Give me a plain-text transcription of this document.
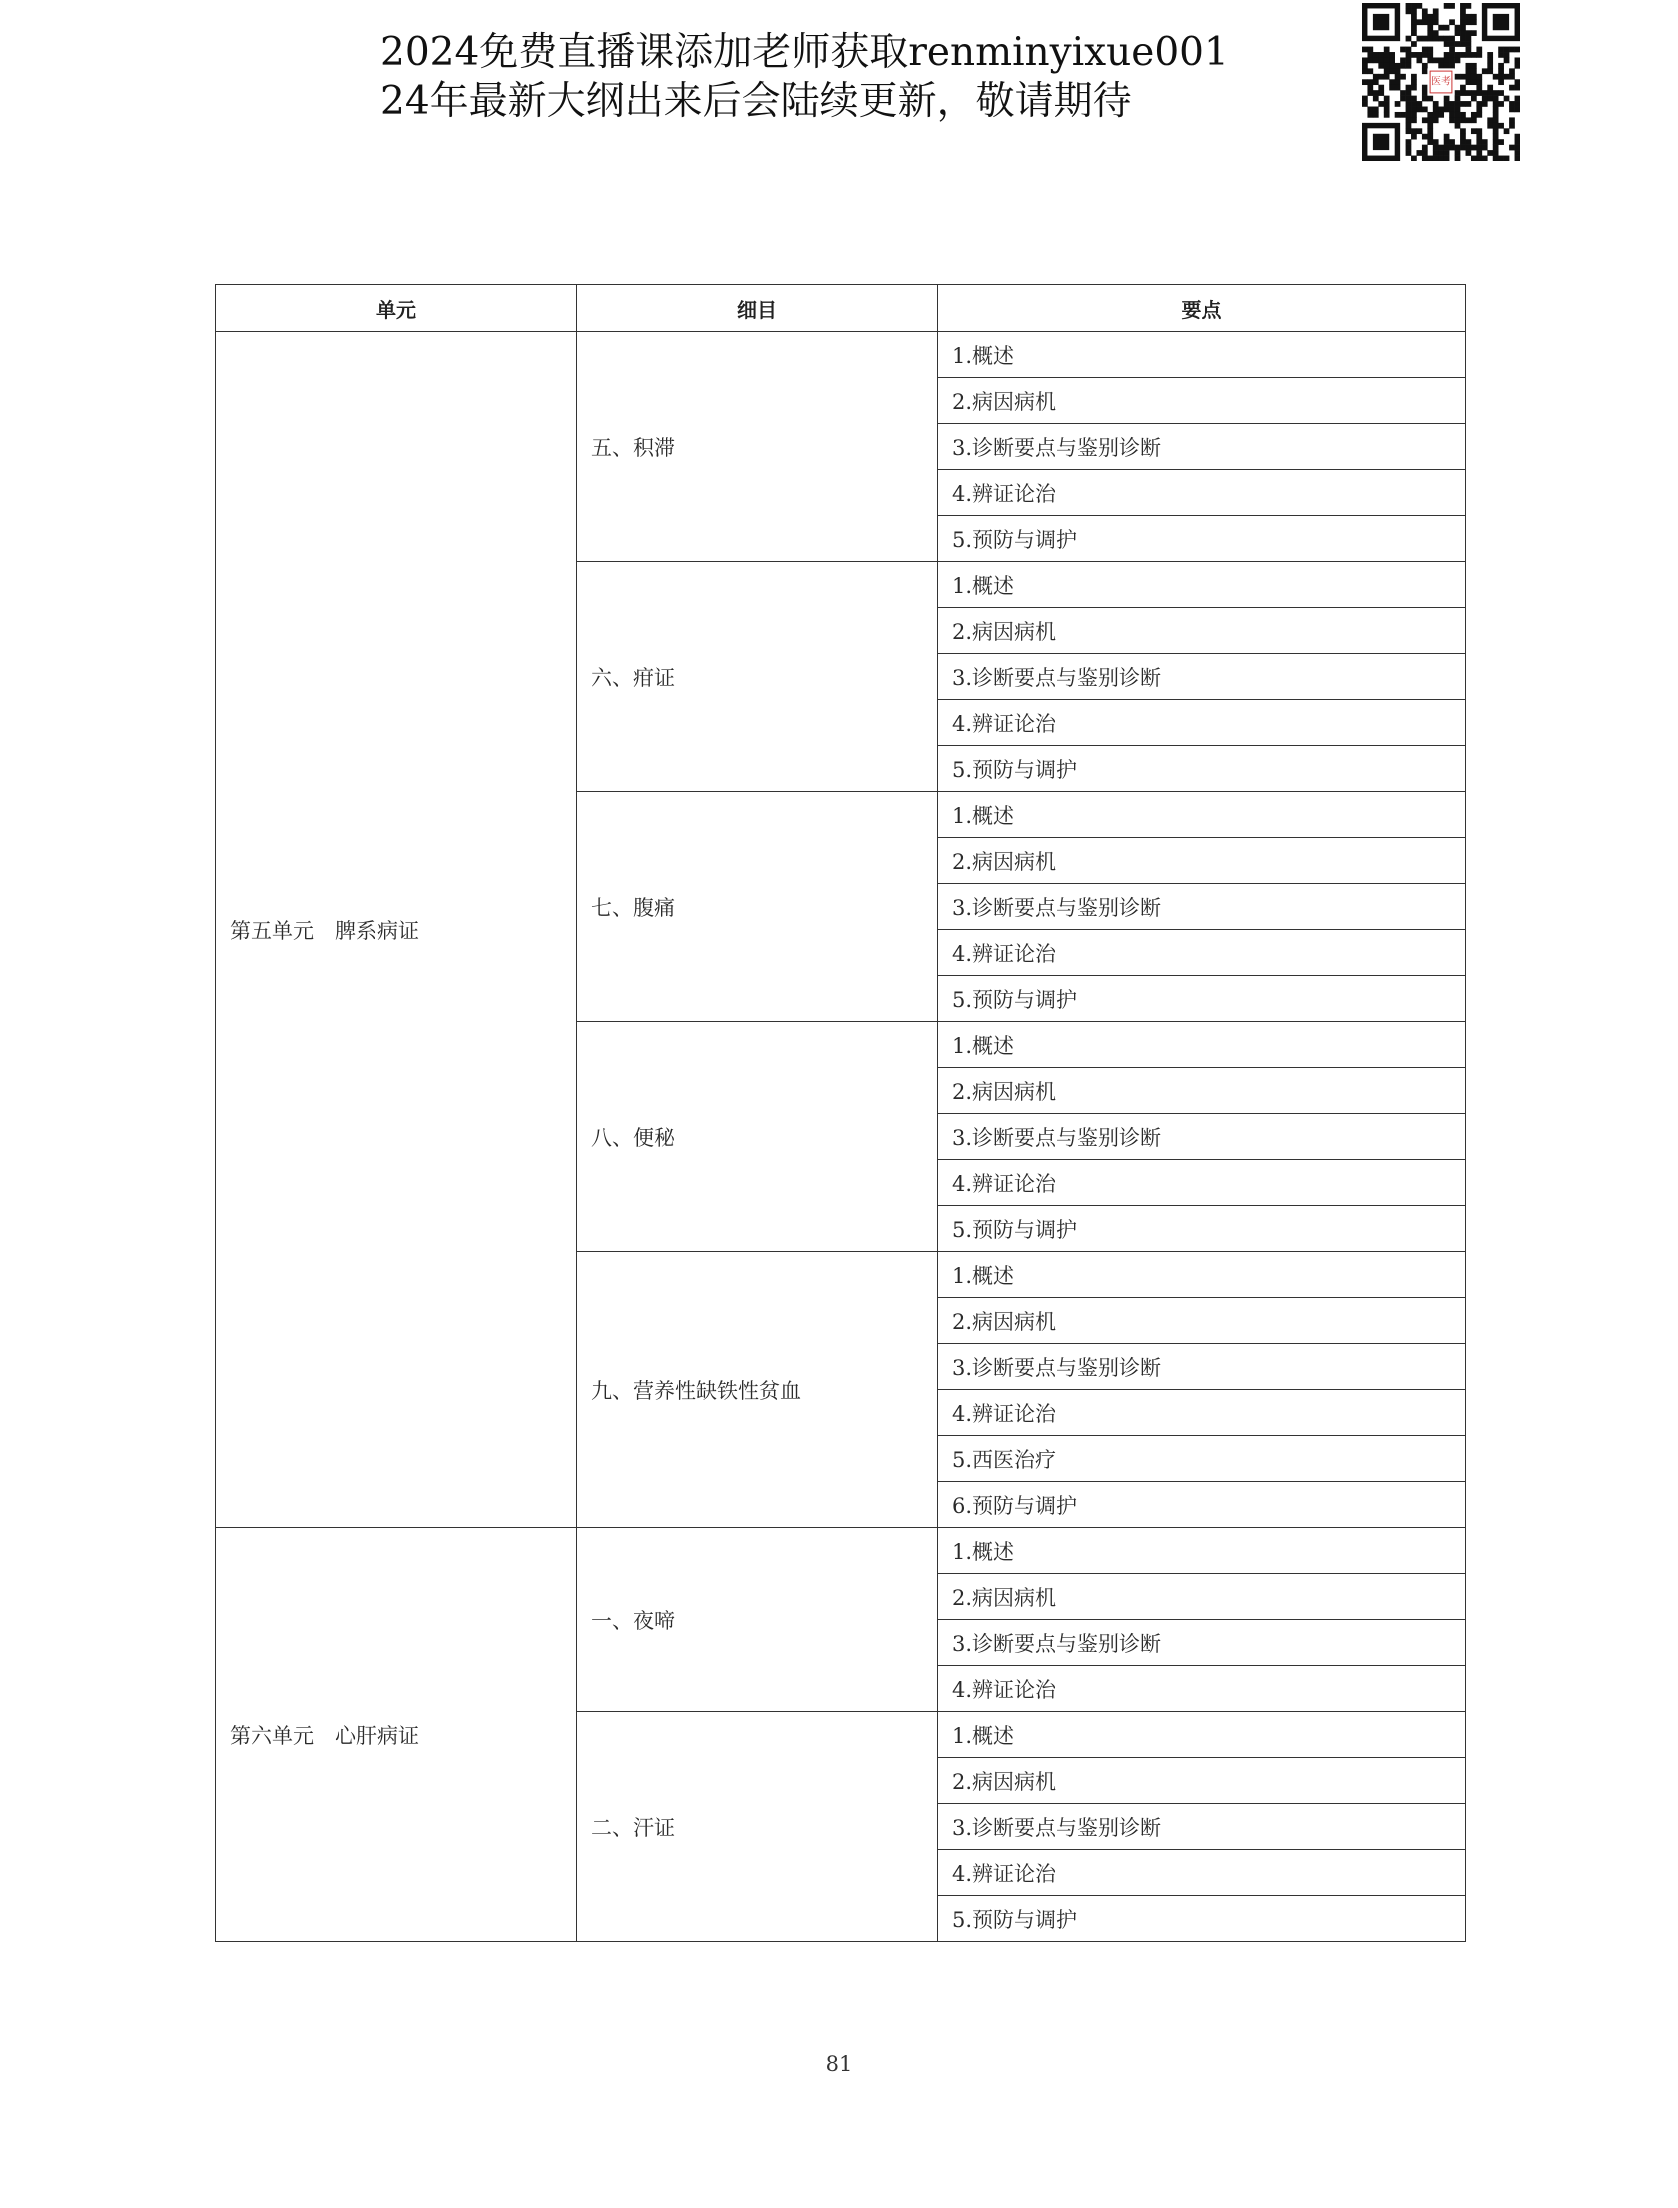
2024免费直播课添加老师获取renminyixue001
24年最新大纲出来后会陆续更新，敬请期待	医考
单元	细目	要点
第五单元　脾系病证	五、积滞	1.概述
		2.病因病机
		3.诊断要点与鉴别诊断
		4.辨证论治
		5.预防与调护
	六、疳证	1.概述
		2.病因病机
		3.诊断要点与鉴别诊断
		4.辨证论治
		5.预防与调护
	七、腹痛	1.概述
		2.病因病机
		3.诊断要点与鉴别诊断
		4.辨证论治
		5.预防与调护
	八、便秘	1.概述
		2.病因病机
		3.诊断要点与鉴别诊断
		4.辨证论治
		5.预防与调护
	九、营养性缺铁性贫血	1.概述
		2.病因病机
		3.诊断要点与鉴别诊断
		4.辨证论治
		5.西医治疗
		6.预防与调护
第六单元　心肝病证	一、夜啼	1.概述
		2.病因病机
		3.诊断要点与鉴别诊断
		4.辨证论治
	二、汗证	1.概述
		2.病因病机
		3.诊断要点与鉴别诊断
		4.辨证论治
		5.预防与调护
81
